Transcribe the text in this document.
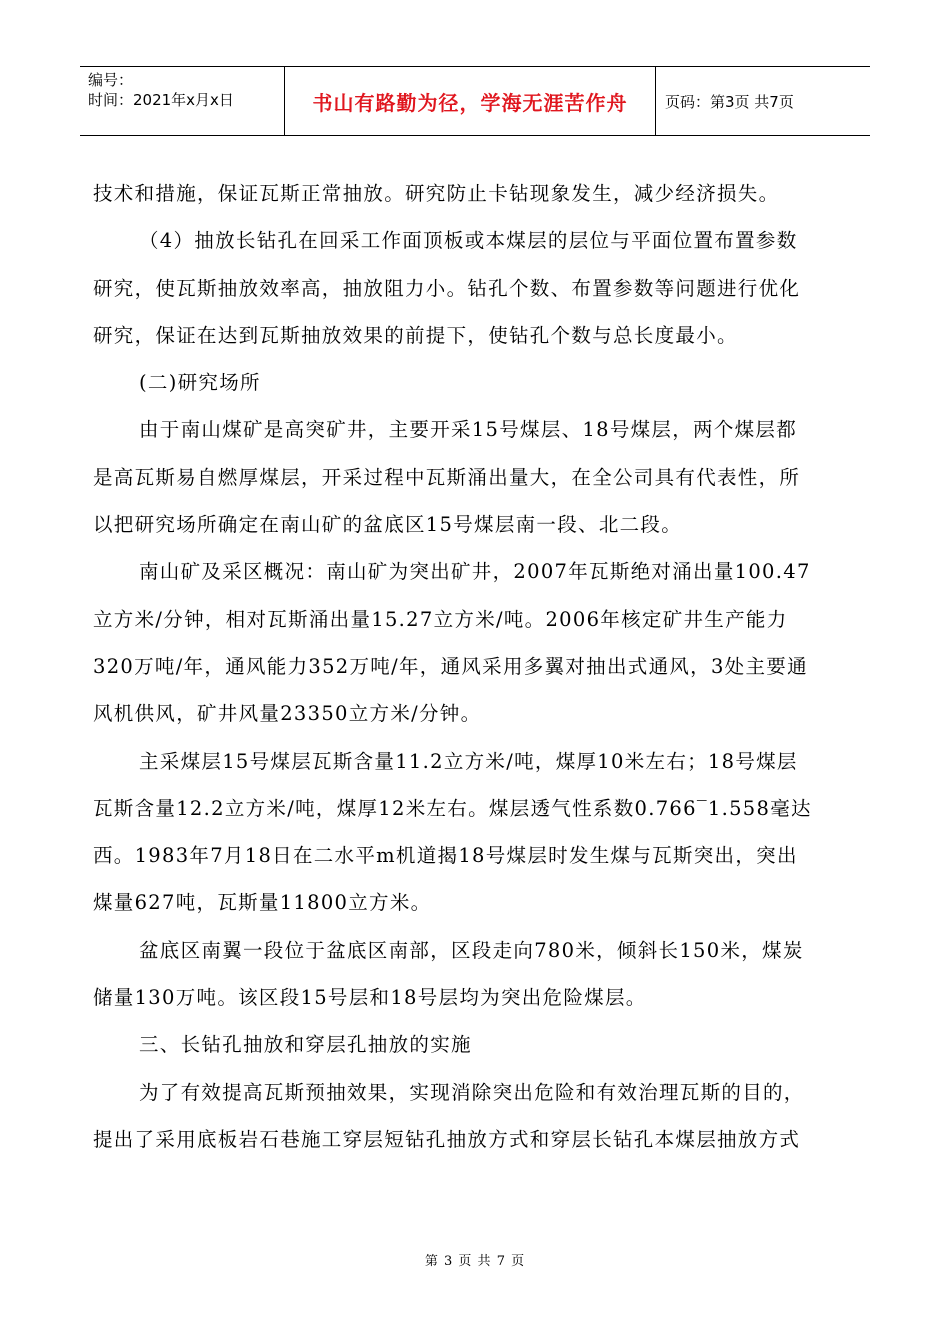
编号：
时间：2021年x月x日	书山有路勤为径，学海无涯苦作舟	页码：第3页 共7页

技术和措施，保证瓦斯正常抽放。研究防止卡钻现象发生，减少经济损失。

（4）抽放长钻孔在回采工作面顶板或本煤层的层位与平面位置布置参数

研究，使瓦斯抽放效率高，抽放阻力小。钻孔个数、布置参数等问题进行优化

研究，保证在达到瓦斯抽放效果的前提下，使钻孔个数与总长度最小。

(二)研究场所

由于南山煤矿是高突矿井，主要开采15号煤层、18号煤层，两个煤层都

是高瓦斯易自燃厚煤层，开采过程中瓦斯涌出量大，在全公司具有代表性，所

以把研究场所确定在南山矿的盆底区15号煤层南一段、北二段。

南山矿及采区概况：南山矿为突出矿井，2007年瓦斯绝对涌出量100.47

立方米/分钟，相对瓦斯涌出量15.27立方米/吨。2006年核定矿井生产能力

320万吨/年，通风能力352万吨/年，通风采用多翼对抽出式通风，3处主要通

风机供风，矿井风量23350立方米/分钟。

主采煤层15号煤层瓦斯含量11.2立方米/吨，煤厚10米左右；18号煤层

瓦斯含量12.2立方米/吨，煤厚12米左右。煤层透气性系数0.766‾1.558毫达

西。1983年7月18日在二水平m机道揭18号煤层时发生煤与瓦斯突出，突出

煤量627吨，瓦斯量11800立方米。

盆底区南翼一段位于盆底区南部，区段走向780米，倾斜长150米，煤炭

储量130万吨。该区段15号层和18号层均为突出危险煤层。

三、长钻孔抽放和穿层孔抽放的实施

为了有效提高瓦斯预抽效果，实现消除突出危险和有效治理瓦斯的目的，

提出了采用底板岩石巷施工穿层短钻孔抽放方式和穿层长钻孔本煤层抽放方式

第 3 页 共 7 页
